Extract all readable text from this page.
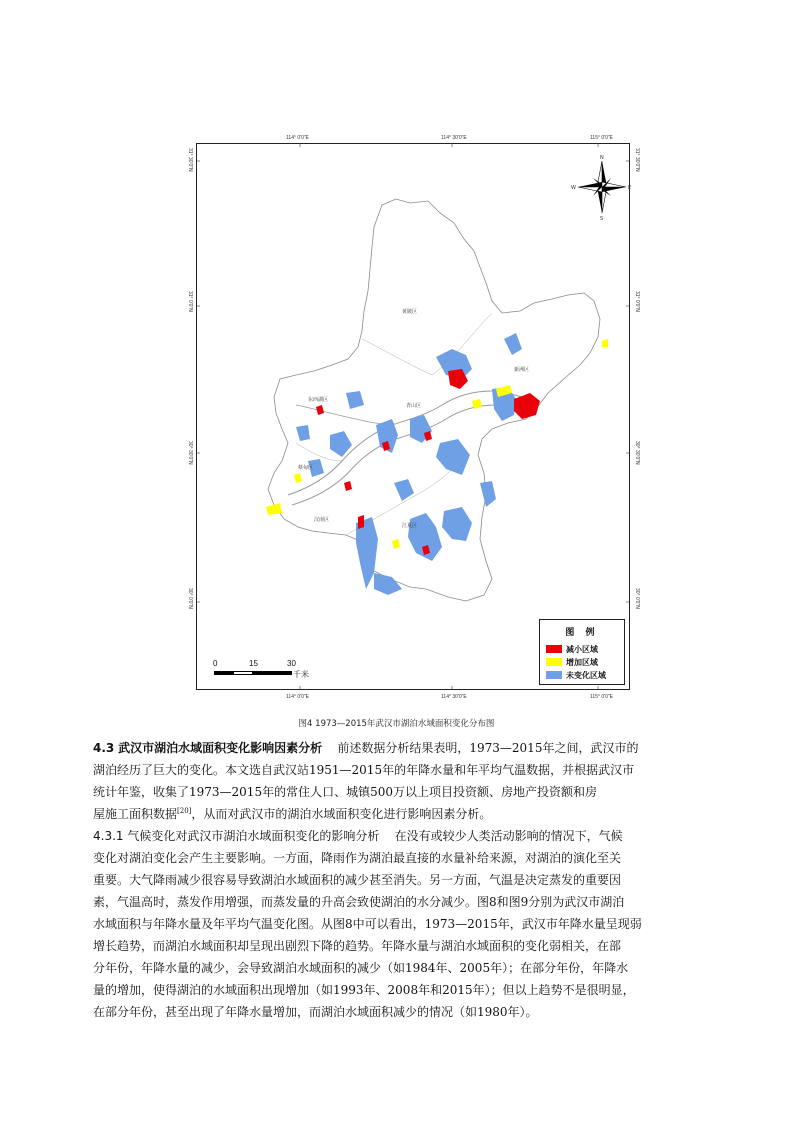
114° 0'0"E	114° 30'0"E	115° 0'0"E
114° 0'0"E	114° 30'0"E	115° 0'0"E
31° 30'0"N
31° 0'0"N
30° 30'0"N
30° 0'0"N
31° 30'0"N
31° 0'0"N
30° 30'0"N
30° 0'0"N
黄陂区
新洲区
东西湖区
青山区
蔡甸区
汉南区
江夏区
N
S
E
W
图 例
减小区域
增加区域
未变化区域
0	15	30
千米
图4 1973—2015年武汉市湖泊水域面积变化分布图
4.3 武汉市湖泊水域面积变化影响因素分析 前述数据分析结果表明，1973—2015年之间，武汉市的
湖泊经历了巨大的变化。本文选自武汉站1951—2015年的年降水量和年平均气温数据，并根据武汉市
统计年鉴，收集了1973—2015年的常住人口、城镇500万以上项目投资额、房地产投资额和房
屋施工面积数据[20]，从而对武汉市的湖泊水域面积变化进行影响因素分析。
4.3.1 气候变化对武汉市湖泊水域面积变化的影响分析 在没有或较少人类活动影响的情况下，气候
变化对湖泊变化会产生主要影响。一方面，降雨作为湖泊最直接的水量补给来源，对湖泊的演化至关
重要。大气降雨减少很容易导致湖泊水域面积的减少甚至消失。另一方面，气温是决定蒸发的重要因
素，气温高时，蒸发作用增强，而蒸发量的升高会致使湖泊的水分减少。图8和图9分别为武汉市湖泊
水域面积与年降水量及年平均气温变化图。从图8中可以看出，1973—2015年，武汉市年降水量呈现弱
增长趋势，而湖泊水域面积却呈现出剧烈下降的趋势。年降水量与湖泊水域面积的变化弱相关，在部
分年份，年降水量的减少，会导致湖泊水域面积的减少（如1984年、2005年）；在部分年份，年降水
量的增加，使得湖泊的水域面积出现增加（如1993年、2008年和2015年）；但以上趋势不是很明显，
在部分年份，甚至出现了年降水量增加，而湖泊水域面积减少的情况（如1980年）。
